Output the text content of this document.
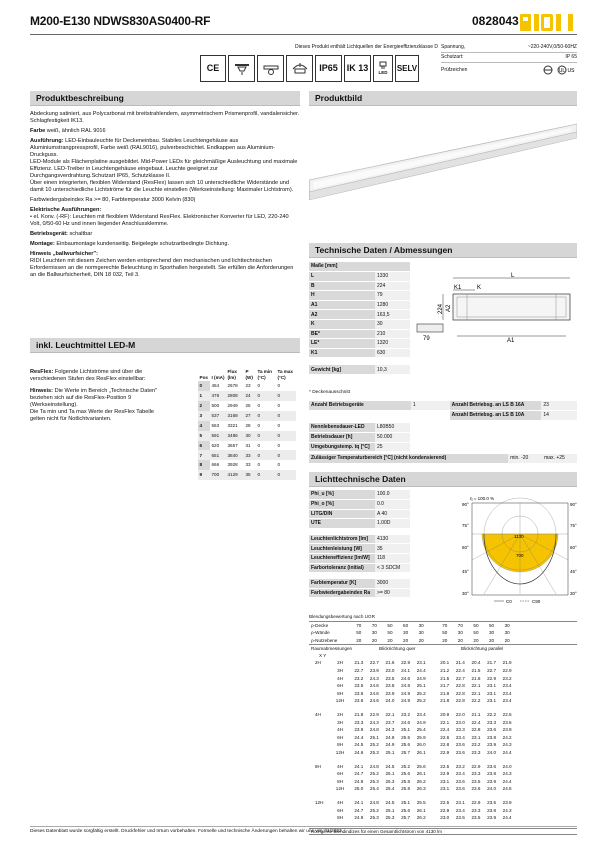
M200-E130 NDWS830AS0400-RF	0828043
Dieses Produkt enthält Lichtquellen der Energieeffizienzklasse D
CE	IP65 IK 13 LED
SELV
Spannung,	~220-240V,0/50-60HZ
Schutzart:	IP 65
Prüfzeichen	UL US
Produktbeschreibung

Abdeckung satiniert, aus Polycarbonat mit breitstrahlendem, asymmetrischem Prismenprofil, vandalensicher.

Schlagfestigkeit IK13.

Farbe weiß, ähnlich RAL 9016

Ausführung: LED-Einbauleuchte für Deckeneinbau. Stabiles Leuchtengehäuse aus Aluminiumstrangpressprofil, Farbe weiß (RAL9016), pulverbeschichtet. Endkappen aus Aluminium-Druckguss.

LED-Module als Flächenplatine ausgebildet. Mid-Power LEDs für gleichmäßige Ausleuchtung und maximale Effizienz. LED-Treiber in Leuchtengehäuse eingebaut. Leuchte geeignet zur Durchgangsverdrahtung.Schutzart IP65, Schutzklasse II.

Über einen integrierten, flexiblen Widerstand (ResFlex) lassen sich 10 unterschiedliche Widerstände und damit 10 unterschiedliche Lichtströme für die Leuchte einstellen (Werkseinstellung: Maximaler Lichtstrom).

Farbwiedergabeindex Ra >= 80, Farbtemperatur 3000 Kelvin (830)

Elektrische Ausführungen:

• el. Konv. (-RF): Leuchten mit flexiblem Widerstand ResFlex. Elektronischer Konverter für LED, 220-240 Volt, 0/50-60 Hz und innen liegender Anschlussklemme.

Betriebsgerät: schaltbar

Montage: Einbaumontage kundenseitig. Beigelegte schutzartbedingte Dichtung.

Hinweis „ballwurfsicher":

RIDI Leuchten mit diesem Zeichen werden entsprechend den mechanischen und lichttechnischen Erfordernissen an die normgerechte Beleuchtung in Sporthallen hergestellt. Sie erfüllen die Anforderungen an die Ballwurfsicherheit, DIN 18 032, Teil 3.

inkl. Leuchtmittel LED-M

ResFlex: Folgende Lichtströme sind über die verschiedenen Stufen des ResFlex einstellbar:

Hinweis: Die Werte im Bereich „Technische Daten" beziehen sich auf die ResFlex-Position 9 (Werkseinstellung).

Die Ta min und Ta max Werte der ResFlex Tabelle gelten nicht für Notlichtvarianten.

Pos	I (mA)	Flux (lm)	P (W)	Ta min (°C)	Ta max (°C)
0	454	2678	23	0	0
1	476	2808	24	0	0
2	500	2949	25	0	0
3	537	3168	27	0	0
4	563	3321	28	0	0
5	591	3486	30	0	0
6	620	3657	31	0	0
7	651	3840	33	0	0
8	666	3928	33	0	0
9	700	4129	35	0	0
Produktbild
Technische Daten / Abmessungen
Maße [mm]	
L	1330
B	224
H	79
A1	1280
A2	163,5
K	30
BE*	210
LE*	1320
K1	630

Gewicht [kg]	10,3
* Deckenausschnitt
L
K1	K
224 A2
79	A1
Anzahl Betriebsgeräte	1	Anzahl Betriebsg. an LS B 16A	23
		Anzahl Betriebsg. an LS B 10A	14
Nennlebensdauer-LED	L80B50
Betriebsdauer [h]	50.000
Umgebungstemp. tq [°C]	25
Zulässiger Temperaturbereich [°C] (nicht kondensierend)	min. -20	max. +25
Lichttechnische Daten
Phi_u [%]	100.0
Phi_o [%]	0.0
LITG/DIN	A 40
UTE	1.00D

Leuchtenlichtstrom [lm]	4130
Leuchtenleistung [W]	35
Leuchteneffizienz [lm/W]	118
Farbortoleranz (initial)	< 3 SDCM

Farbtemperatur [K]	3000
Farbwiedergabeindex Ra	>= 80
η = 100.0 %
90°	90°
75°	75°
60°	60°
45°	45°
30°	30°
1130
700
C0	C90
Blendungsbewertung nach UGR
ρ-Decke	70	70	50	50	30	70	70	50	50	30
ρ-Wände	50	30	50	30	30	50	30	50	30	30
ρ-Nutzebene	20	20	20	20	20	20	20	20	20	20
Raumabmessungen	Blickrichtung quer	Blickrichtung parallel
X Y
2H	2H	21.3	22.7	21.6	22.9	23.1	20.1	21.4	20.4	21.7	21.9
3H	22.7	23.9	23.0	24.1	24.4	21.2	22.4	21.5	22.7	22.9
4H	23.2	24.3	23.5	24.6	24.9	21.5	22.7	21.8	22.9	23.2
6H	23.5	24.6	23.8	24.8	25.1	21.7	22.8	22.1	23.1	23.4
8H	23.6	24.6	23.9	24.9	25.2	21.8	22.8	22.1	23.1	23.4
12H	23.6	24.6	24.0	24.9	25.2	21.8	22.8	22.2	23.1	23.4
4H	2H	21.8	22.9	22.1	23.2	23.4	20.8	22.0	21.1	22.2	22.5
3H	23.3	24.3	23.7	24.6	24.9	22.1	23.0	22.4	23.3	23.6
4H	23.9	24.8	24.3	25.1	25.4	22.4	23.3	22.8	23.6	23.9
6H	24.4	25.1	24.8	25.5	25.9	22.6	23.4	23.1	23.8	24.2
8H	24.5	25.2	24.9	25.6	26.0	22.8	23.6	23.2	23.9	24.3
12H	24.6	25.3	25.1	25.7	26.1	22.9	23.6	23.3	24.0	24.4
8H	4H	24.1	24.8	24.5	25.2	25.6	22.5	23.2	22.9	23.6	24.0
6H	24.7	25.2	25.1	25.6	26.1	22.9	23.4	23.3	23.8	24.3
8H	24.9	25.3	25.3	25.8	26.2	23.1	23.6	23.5	23.9	24.4
12H	25.0	25.4	25.4	25.8	26.3	23.1	23.6	23.6	24.0	24.5
12H	4H	24.1	24.8	24.5	25.1	25.5	22.5	23.1	22.9	23.5	23.9
6H	24.7	25.2	25.1	25.6	26.1	22.9	23.4	23.3	23.8	24.3
8H	24.9	25.3	25.3	25.7	26.2	23.0	23.5	23.5	23.9	24.4
Korrigierte Blendindizes für einen Gesamtlichtstrom von 4130 lm
Dieses Datenblatt wurde sorgfältig erstellt. Druckfehler und Irrtum vorbehalten. Formelle und technische Änderungen behalten wir uns vor. 01/2023
